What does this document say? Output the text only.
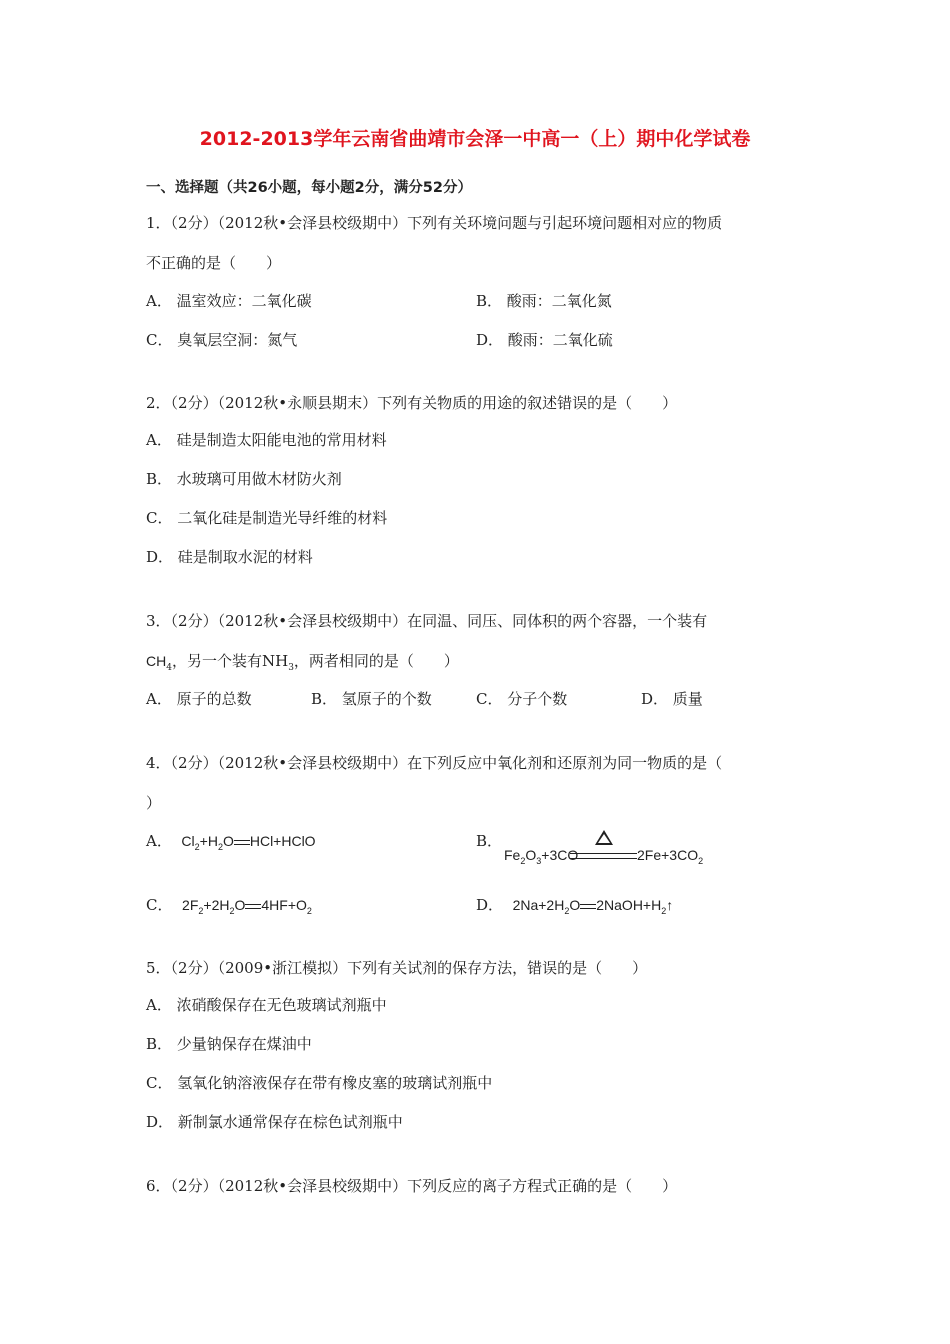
2012-2013学年云南省曲靖市会泽一中高一（上）期中化学试卷
一、选择题（共26小题，每小题2分，满分52分）
1．（2分）（2012秋•会泽县校级期中）下列有关环境问题与引起环境问题相对应的物质
不正确的是（　　）
A． 温室效应：二氧化碳	B． 酸雨：二氧化氮
C． 臭氧层空洞：氮气	D． 酸雨：二氧化硫
2．（2分）（2012秋•永顺县期末）下列有关物质的用途的叙述错误的是（　　）
A． 硅是制造太阳能电池的常用材料
B． 水玻璃可用做木材防火剂
C． 二氧化硅是制造光导纤维的材料
D． 硅是制取水泥的材料
3．（2分）（2012秋•会泽县校级期中）在同温、同压、同体积的两个容器，一个装有
$CH_4$，另一个装有$NH_3$，两者相同的是（　　）
A． 原子的总数	B． 氢原子的个数	C． 分子个数	D． 质量
4．（2分）（2012秋•会泽县校级期中）在下列反应中氧化剂和还原剂为同一物质的是（
）
A． $Cl_2+H_2O$ HCl+HClO	B．
$Fe_2O_3+3CO$	$2Fe+3CO_2$
C． $2F_2+2H_2O$ $4HF+O_2$	D． $2Na+2H_2O$ $2NaOH+H_2↑$
5．（2分）（2009•浙江模拟）下列有关试剂的保存方法，错误的是（　　）
A． 浓硝酸保存在无色玻璃试剂瓶中
B． 少量钠保存在煤油中
C． 氢氧化钠溶液保存在带有橡皮塞的玻璃试剂瓶中
D． 新制氯水通常保存在棕色试剂瓶中
6．（2分）（2012秋•会泽县校级期中）下列反应的离子方程式正确的是（　　）
